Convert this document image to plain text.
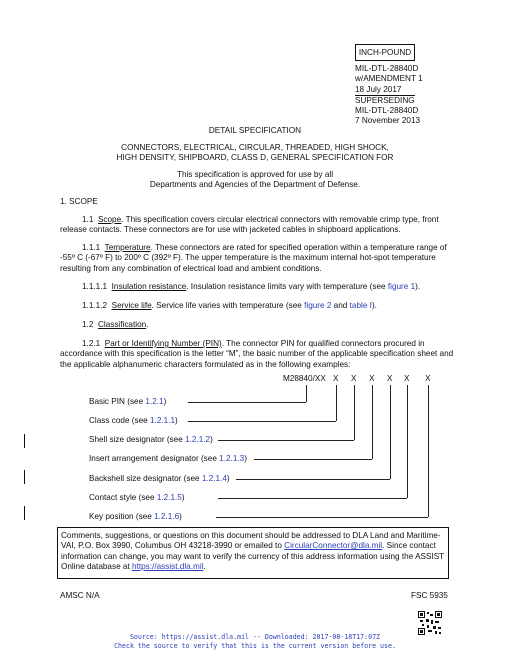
INCH-POUND
MIL-DTL-28840D
w/AMENDMENT 1
18 July 2017
SUPERSEDING
MIL-DTL-28840D
7 November 2013
DETAIL SPECIFICATION
CONNECTORS, ELECTRICAL, CIRCULAR, THREADED, HIGH SHOCK,
HIGH DENSITY, SHIPBOARD, CLASS D, GENERAL SPECIFICATION FOR
This specification is approved for use by all
Departments and Agencies of the Department of Defense.
1. SCOPE
1.1 Scope. This specification covers circular electrical connectors with removable crimp type, front release contacts. These connectors are for use with jacketed cables in shipboard applications.
1.1.1 Temperature. These connectors are rated for specified operation within a temperature range of -55º C (-67º F) to 200º C (392º F). The upper temperature is the maximum internal hot-spot temperature resulting from any combination of electrical load and ambient conditions.
1.1.1.1 Insulation resistance. Insulation resistance limits vary with temperature (see figure 1).
1.1.1.2 Service life. Service life varies with temperature (see figure 2 and table I).
1.2 Classification.
1.2.1 Part or Identifying Number (PIN). The connector PIN for qualified connectors procured in accordance with this specification is the letter “M”, the basic number of the applicable specification sheet and the applicable alphanumeric characters formulated as in the following examples:
M28840/XX X X X X X X
Basic PIN (see 1.2.1)
Class code (see 1.2.1.1)
Shell size designator (see 1.2.1.2)
Insert arrangement designator (see 1.2.1.3)
Backshell size designator (see 1.2.1.4)
Contact style (see 1.2.1.5)
Key position (see 1.2.1.6)
Comments, suggestions, or questions on this document should be addressed to DLA Land and Maritime-VAI, P.O. Box 3990, Columbus OH 43218-3990 or emailed to CircularConnector@dla.mil. Since contact information can change, you may want to verify the currency of this address information using the ASSIST Online database at https://assist.dla.mil.
AMSC N/A	FSC 5935
Source: https://assist.dla.mil -- Downloaded: 2017-08-18T17:07Z
Check the source to verify that this is the current version before use.
